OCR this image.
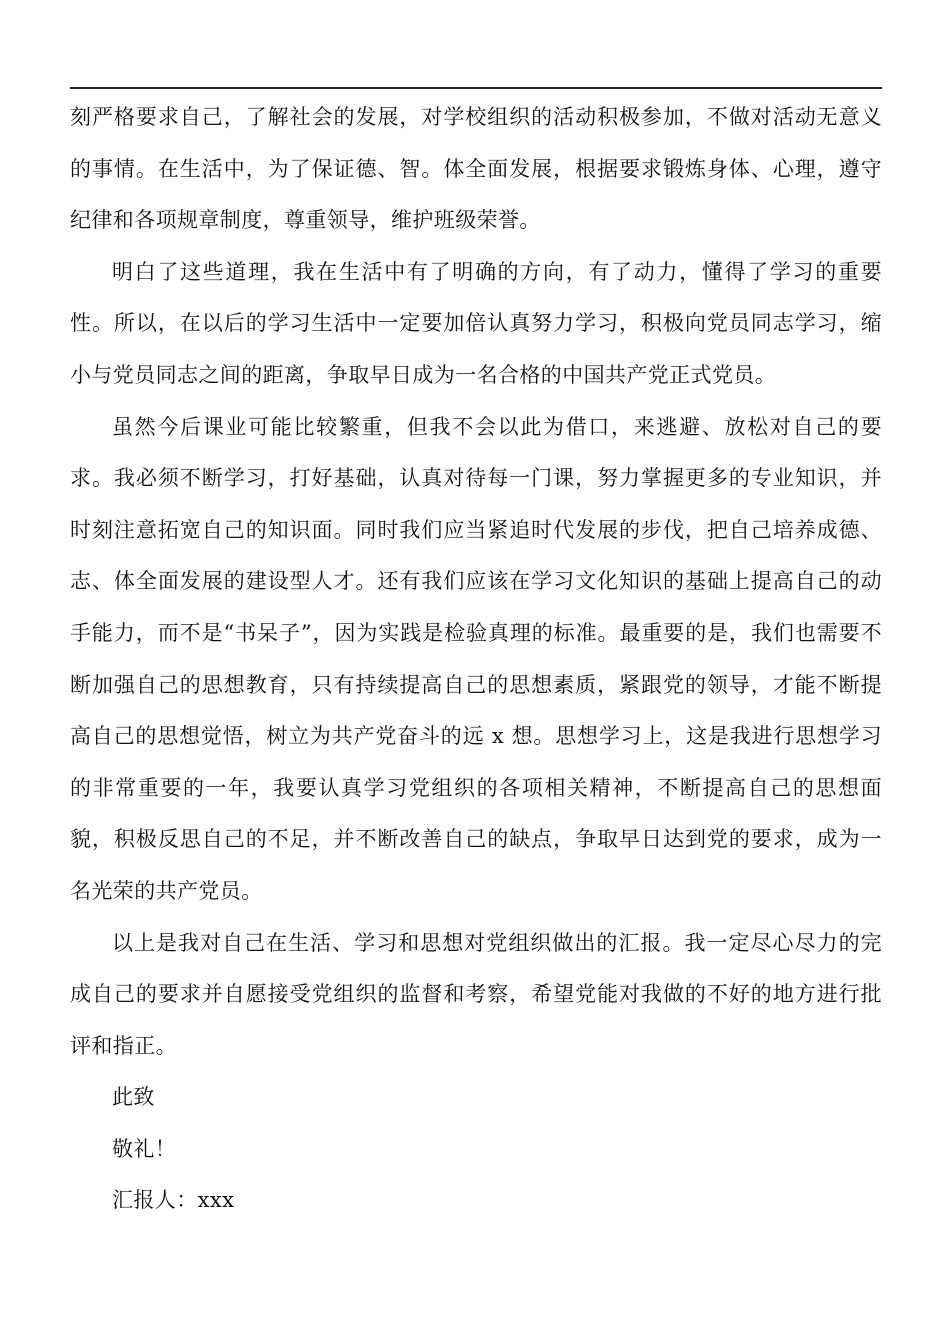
刻严格要求自己，了解社会的发展，对学校组织的活动积极参加，不做对活动无意义的事情。在生活中，为了保证德、智。体全面发展，根据要求锻炼身体、心理，遵守纪律和各项规章制度，尊重领导，维护班级荣誉。

明白了这些道理，我在生活中有了明确的方向，有了动力，懂得了学习的重要性。所以，在以后的学习生活中一定要加倍认真努力学习，积极向党员同志学习，缩小与党员同志之间的距离，争取早日成为一名合格的中国共产党正式党员。

虽然今后课业可能比较繁重，但我不会以此为借口，来逃避、放松对自己的要求。我必须不断学习，打好基础，认真对待每一门课，努力掌握更多的专业知识，并时刻注意拓宽自己的知识面。同时我们应当紧追时代发展的步伐，把自己培养成德、志、体全面发展的建设型人才。还有我们应该在学习文化知识的基础上提高自己的动手能力，而不是“书呆子”，因为实践是检验真理的标准。最重要的是，我们也需要不断加强自己的思想教育，只有持续提高自己的思想素质，紧跟党的领导，才能不断提高自己的思想觉悟，树立为共产党奋斗的远 x 想。思想学习上，这是我进行思想学习的非常重要的一年，我要认真学习党组织的各项相关精神，不断提高自己的思想面貌，积极反思自己的不足，并不断改善自己的缺点，争取早日达到党的要求，成为一名光荣的共产党员。

以上是我对自己在生活、学习和思想对党组织做出的汇报。我一定尽心尽力的完成自己的要求并自愿接受党组织的监督和考察，希望党能对我做的不好的地方进行批评和指正。

此致

敬礼！

汇报人：xxx
